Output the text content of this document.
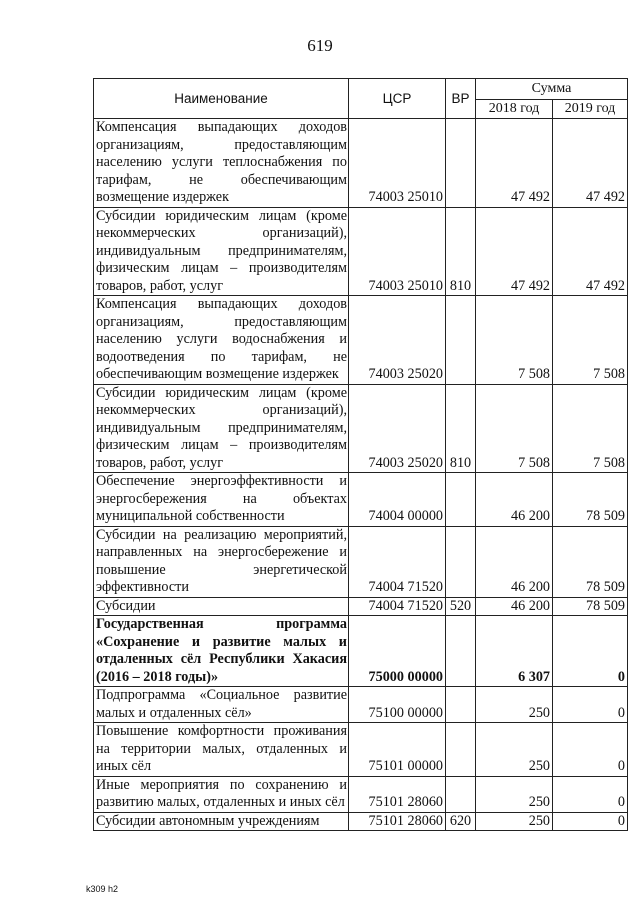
619
Наименование	ЦСР	ВР	Сумма	
			2018 год	2019 год
Компенсация выпадающих доходов организациям, предоставляющим населению услуги теплоснабжения по тарифам, не обеспечивающим возмещение издержек	74003 25010		47 492	47 492
Субсидии юридическим лицам (кроме некоммерческих организаций), индивидуальным предпринимателям, физическим лицам – производителям товаров, работ, услуг	74003 25010	810	47 492	47 492
Компенсация выпадающих доходов организациям, предоставляющим населению услуги водоснабжения и водоотведения по тарифам, не обеспечивающим возмещение издержек	74003 25020		7 508	7 508
Субсидии юридическим лицам (кроме некоммерческих организаций), индивидуальным предпринимателям, физическим лицам – производителям товаров, работ, услуг	74003 25020	810	7 508	7 508
Обеспечение энергоэффективности и энергосбережения на объектах муниципальной собственности	74004 00000		46 200	78 509
Субсидии на реализацию мероприятий, направленных на энергосбережение и повышение энергетической эффективности	74004 71520		46 200	78 509
Субсидии	74004 71520	520	46 200	78 509
Государственная программа «Сохранение и развитие малых и отдаленных сёл Республики Хакасия (2016 – 2018 годы)»	75000 00000		6 307	0
Подпрограмма «Социальное развитие малых и отдаленных сёл»	75100 00000		250	0
Повышение комфортности проживания на территории малых, отдаленных и иных сёл	75101 00000		250	0
Иные мероприятия по сохранению и развитию малых, отдаленных и иных сёл	75101 28060		250	0
Субсидии автономным учреждениям	75101 28060	620	250	0
k309 h2
